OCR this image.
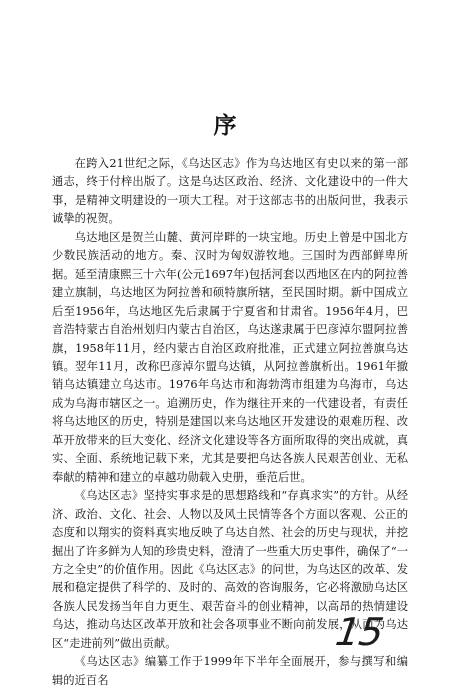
序

在跨入21世纪之际，《乌达区志》作为乌达地区有史以来的第一部通志，终于付梓出版了。这是乌达区政治、经济、文化建设中的一件大事，是精神文明建设的一项大工程。对于这部志书的出版问世，我表示诚挚的祝贺。

乌达地区是贺兰山麓、黄河岸畔的一块宝地。历史上曾是中国北方少数民族活动的地方。秦、汉时为匈奴游牧地。三国时为西部鲜卑所据。延至清康熙三十六年(公元1697年)包括河套以西地区在内的阿拉善建立旗制，乌达地区为阿拉善和硕特旗所辖，至民国时期。新中国成立后至1956年，乌达地区先后隶属于宁夏省和甘肃省。1956年4月，巴音浩特蒙古自治州划归内蒙古自治区，乌达遂隶属于巴彦淖尔盟阿拉善旗，1958年11月，经内蒙古自治区政府批准，正式建立阿拉善旗乌达镇。翌年11月，改称巴彦淖尔盟乌达镇，从阿拉善旗析出。1961年撤销乌达镇建立乌达市。1976年乌达市和海勃湾市组建为乌海市，乌达成为乌海市辖区之一。追溯历史，作为继往开来的一代建设者，有责任将乌达地区的历史，特别是建国以来乌达地区开发建设的艰难历程、改革开放带来的巨大变化、经济文化建设等各方面所取得的突出成就，真实、全面、系统地记载下来，尤其是要把乌达各族人民艰苦创业、无私奉献的精神和建立的卓越功勋载入史册，垂范后世。

《乌达区志》坚持实事求是的思想路线和“存真求实”的方针。从经济、政治、文化、社会、人物以及风土民情等各个方面以客观、公正的态度和以翔实的资料真实地反映了乌达自然、社会的历史与现状，并挖掘出了许多鲜为人知的珍贵史料，澄清了一些重大历史事件，确保了“一方之全史”的价值作用。因此《乌达区志》的问世，为乌达区的改革、发展和稳定提供了科学的、及时的、高效的咨询服务，它必将激励乌达区各族人民发扬当年自力更生、艰苦奋斗的创业精神，以高昂的热情建设乌达，推动乌达区改革开放和社会各项事业不断向前发展，从而为乌达区“走进前列”做出贡献。

《乌达区志》编纂工作于1999年下半年全面展开，参与撰写和编辑的近百名

15
